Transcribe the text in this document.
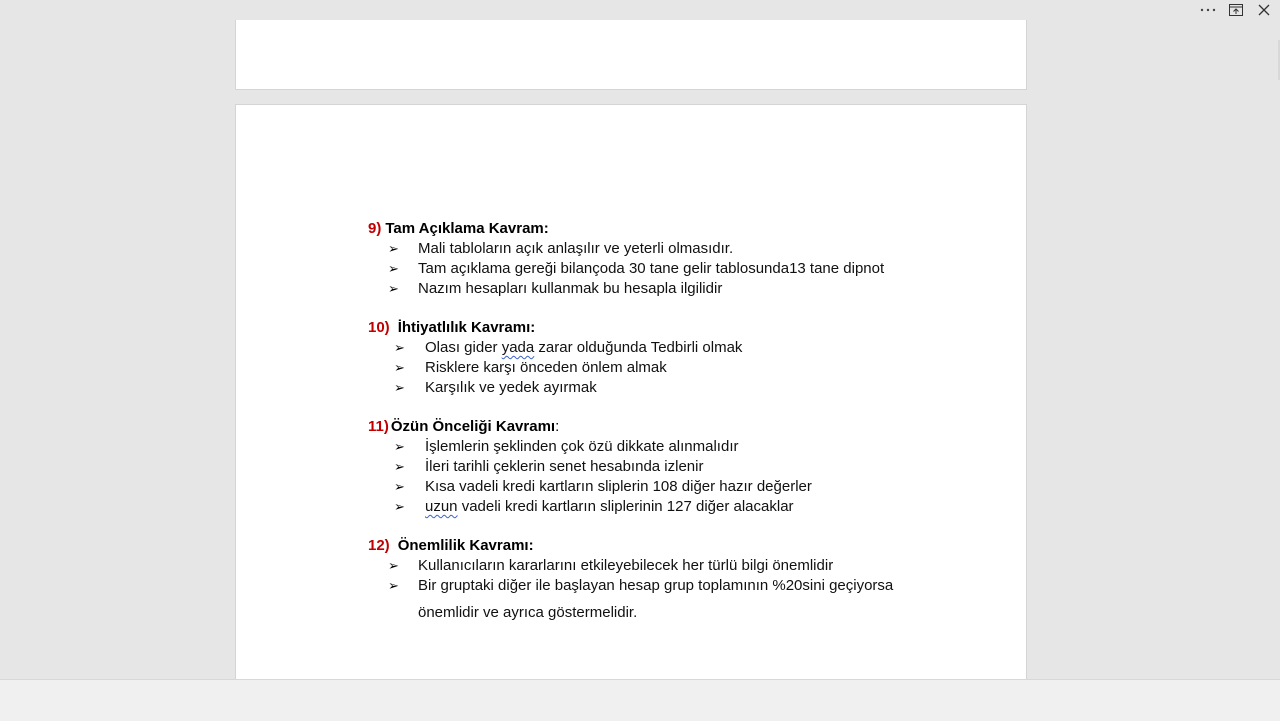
9) Tam Açıklama Kavram:
➢ Mali tabloların açık anlaşılır ve yeterli olmasıdır.
➢ Tam açıklama gereği bilançoda 30 tane gelir tablosunda13 tane dipnot
➢ Nazım hesapları kullanmak bu hesapla ilgilidir
10) İhtiyatlılık Kavramı:
➢ Olası gider yada zarar olduğunda Tedbirli olmak
➢ Risklere karşı önceden önlem almak
➢ Karşılık ve yedek ayırmak
11) Özün Önceliği Kavramı:
➢ İşlemlerin şeklinden çok özü dikkate alınmalıdır
➢ İleri tarihli çeklerin senet hesabında izlenir
➢ Kısa vadeli kredi kartların sliplerin 108 diğer hazır değerler
➢ uzun vadeli kredi kartların sliplerinin 127 diğer alacaklar
12) Önemlilik Kavramı:
➢ Kullanıcıların kararlarını etkileyebilecek her türlü bilgi önemlidir
➢ Bir gruptaki diğer ile başlayan hesap grup toplamının %20sini geçiyorsa
önemlidir ve ayrıca göstermelidir.
